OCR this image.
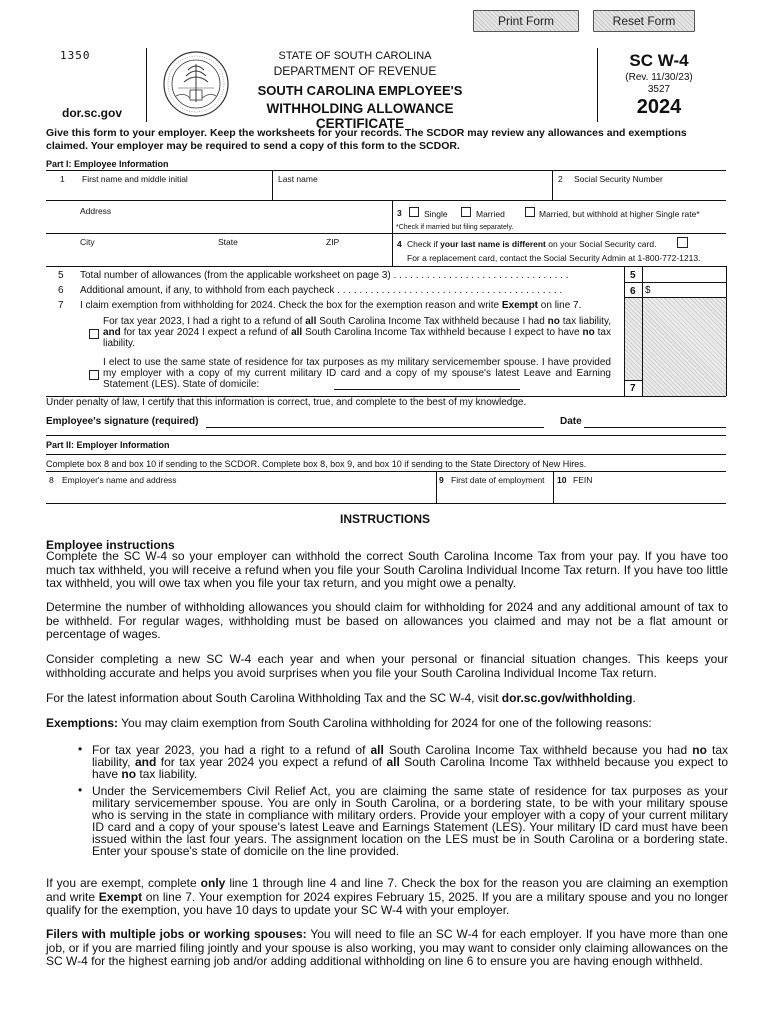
Print Form	Reset Form
1350
dor.sc.gov
STATE OF SOUTH CAROLINA
DEPARTMENT OF REVENUE
SOUTH CAROLINA EMPLOYEE'S
WITHHOLDING ALLOWANCE CERTIFICATE
SC W-4
(Rev. 11/30/23)
3527
2024
Give this form to your employer. Keep the worksheets for your records. The SCDOR may review any allowances and exemptions claimed. Your employer may be required to send a copy of this form to the SCDOR.
Part I: Employee Information
1 First name and middle initial	Last name	2 Social Security Number
Address	3	Single	Married	Married, but withhold at higher Single rate*
*Check if married but filing separately.
City	State	ZIP	4 Check if your last name is different on your Social Security card.
For a replacement card, contact the Social Security Admin at 1-800-772-1213.
5 Total number of allowances (from the applicable worksheet on page 3) . . . . . . . . . . . . . . . . . . . . . . . . . . . . . . . .
6 Additional amount, if any, to withhold from each paycheck . . . . . . . . . . . . . . . . . . . . . . . . . . . . . . . . . . . . . . . . .
5
6 $
7
7 I claim exemption from withholding for 2024. Check the box for the exemption reason and write Exempt on line 7.
For tax year 2023, I had a right to a refund of all South Carolina Income Tax withheld because I had no tax liability, and for tax year 2024 I expect a refund of all South Carolina Income Tax withheld because I expect to have no tax liability.
I elect to use the same state of residence for tax purposes as my military servicemember spouse. I have provided my employer with a copy of my current military ID card and a copy of my spouse's latest Leave and Earning Statement (LES). State of domicile:
Under penalty of law, I certify that this information is correct, true, and complete to the best of my knowledge.
Employee's signature (required)	Date
Part II: Employer Information
Complete box 8 and box 10 if sending to the SCDOR. Complete box 8, box 9, and box 10 if sending to the State Directory of New Hires.
8 Employer's name and address	9 First date of employment 10 FEIN
INSTRUCTIONS
Employee instructions
Complete the SC W-4 so your employer can withhold the correct South Carolina Income Tax from your pay. If you have too much tax withheld, you will receive a refund when you file your South Carolina Individual Income Tax return. If you have too little tax withheld, you will owe tax when you file your tax return, and you might owe a penalty.
Determine the number of withholding allowances you should claim for withholding for 2024 and any additional amount of tax to be withheld. For regular wages, withholding must be based on allowances you claimed and may not be a flat amount or percentage of wages.
Consider completing a new SC W-4 each year and when your personal or financial situation changes. This keeps your withholding accurate and helps you avoid surprises when you file your South Carolina Individual Income Tax return.
For the latest information about South Carolina Withholding Tax and the SC W-4, visit dor.sc.gov/withholding.
Exemptions: You may claim exemption from South Carolina withholding for 2024 for one of the following reasons:
• For tax year 2023, you had a right to a refund of all South Carolina Income Tax withheld because you had no tax liability, and for tax year 2024 you expect a refund of all South Carolina Income Tax withheld because you expect to have no tax liability.
• Under the Servicemembers Civil Relief Act, you are claiming the same state of residence for tax purposes as your military servicemember spouse. You are only in South Carolina, or a bordering state, to be with your military spouse who is serving in the state in compliance with military orders. Provide your employer with a copy of your current military ID card and a copy of your spouse's latest Leave and Earnings Statement (LES). Your military ID card must have been issued within the last four years. The assignment location on the LES must be in South Carolina or a bordering state. Enter your spouse's state of domicile on the line provided.
If you are exempt, complete only line 1 through line 4 and line 7. Check the box for the reason you are claiming an exemption and write Exempt on line 7. Your exemption for 2024 expires February 15, 2025. If you are a military spouse and you no longer qualify for the exemption, you have 10 days to update your SC W-4 with your employer.
Filers with multiple jobs or working spouses: You will need to file an SC W-4 for each employer. If you have more than one job, or if you are married filing jointly and your spouse is also working, you may want to consider only claiming allowances on the SC W-4 for the highest earning job and/or adding additional withholding on line 6 to ensure you are having enough withheld.
